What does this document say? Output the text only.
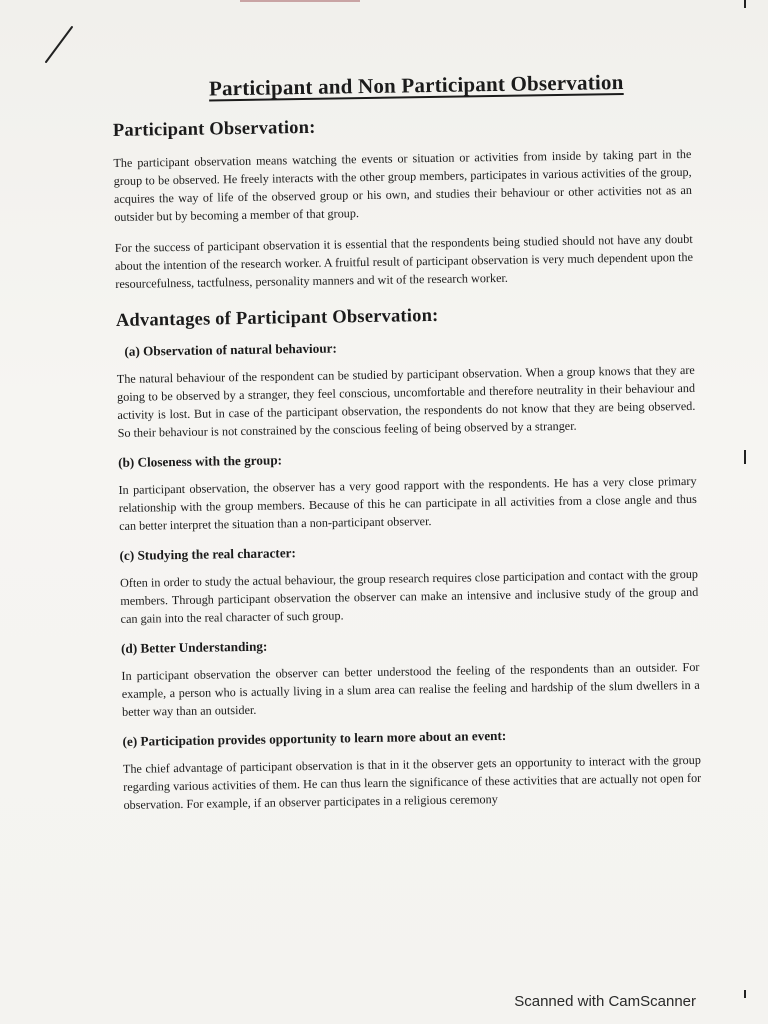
Participant and Non Participant Observation
Participant Observation:

The participant observation means watching the events or situation or activities from inside by taking part in the group to be observed. He freely interacts with the other group members, participates in various activities of the group, acquires the way of life of the observed group or his own, and studies their behaviour or other activities not as an outsider but by becoming a member of that group.

For the success of participant observation it is essential that the respondents being studied should not have any doubt about the intention of the research worker. A fruitful result of participant observation is very much dependent upon the resourcefulness, tactfulness, personality manners and wit of the research worker.

Advantages of Participant Observation:
(a) Observation of natural behaviour:

The natural behaviour of the respondent can be studied by participant observation. When a group knows that they are going to be observed by a stranger, they feel conscious, uncomfortable and therefore neutrality in their behaviour and activity is lost. But in case of the participant observation, the respondents do not know that they are being observed. So their behaviour is not constrained by the conscious feeling of being observed by a stranger.

(b) Closeness with the group:

In participant observation, the observer has a very good rapport with the respondents. He has a very close primary relationship with the group members. Because of this he can participate in all activities from a close angle and thus can better interpret the situation than a non-participant observer.

(c) Studying the real character:

Often in order to study the actual behaviour, the group research requires close participation and contact with the group members. Through participant observation the observer can make an intensive and inclusive study of the group and can gain into the real character of such group.

(d) Better Understanding:

In participant observation the observer can better understood the feeling of the respondents than an outsider. For example, a person who is actually living in a slum area can realise the feeling and hardship of the slum dwellers in a better way than an outsider.

(e) Participation provides opportunity to learn more about an event:

The chief advantage of participant observation is that in it the observer gets an opportunity to interact with the group regarding various activities of them. He can thus learn the significance of these activities that are actually not open for observation. For example, if an observer participates in a religious ceremony

Scanned with CamScanner
